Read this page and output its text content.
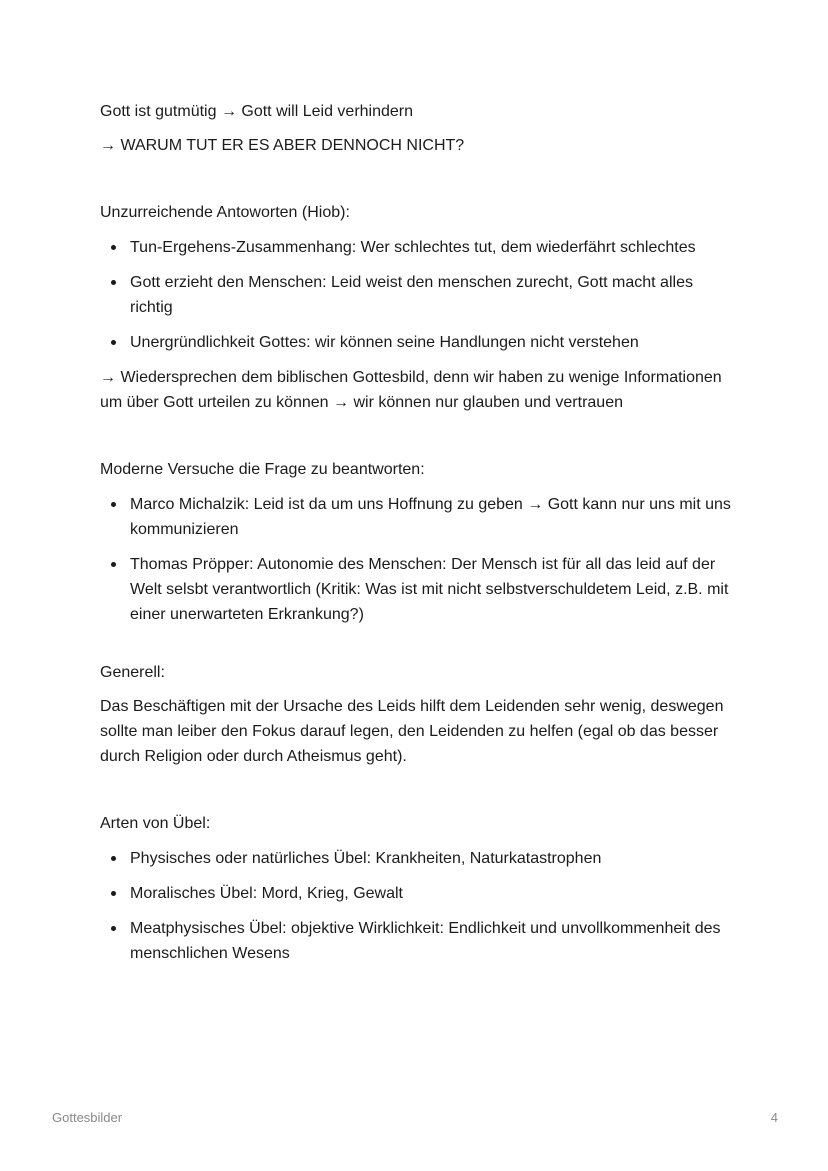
Gott ist gutmütig → Gott will Leid verhindern

→ WARUM TUT ER ES ABER DENNOCH NICHT?

Unzurreichende Antoworten (Hiob):

Tun-Ergehens-Zusammenhang: Wer schlechtes tut, dem wiederfährt schlechtes
Gott erzieht den Menschen: Leid weist den menschen zurecht, Gott macht alles richtig
Unergründlichkeit Gottes: wir können seine Handlungen nicht verstehen

→ Wiedersprechen dem biblischen Gottesbild, denn wir haben zu wenige Informationen um über Gott urteilen zu können → wir können nur glauben und vertrauen

Moderne Versuche die Frage zu beantworten:

Marco Michalzik: Leid ist da um uns Hoffnung zu geben → Gott kann nur uns mit uns kommunizieren
Thomas Pröpper: Autonomie des Menschen: Der Mensch ist für all das leid auf der Welt selsbt verantwortlich (Kritik: Was ist mit nicht selbstverschuldetem Leid, z.B. mit einer unerwarteten Erkrankung?)

Generell:

Das Beschäftigen mit der Ursache des Leids hilft dem Leidenden sehr wenig, deswegen sollte man leiber den Fokus darauf legen, den Leidenden zu helfen (egal ob das besser durch Religion oder durch Atheismus geht).

Arten von Übel:

Physisches oder natürliches Übel: Krankheiten, Naturkatastrophen
Moralisches Übel: Mord, Krieg, Gewalt
Meatphysisches Übel: objektive Wirklichkeit: Endlichkeit und unvollkommenheit des menschlichen Wesens
Gottesbilder	4
